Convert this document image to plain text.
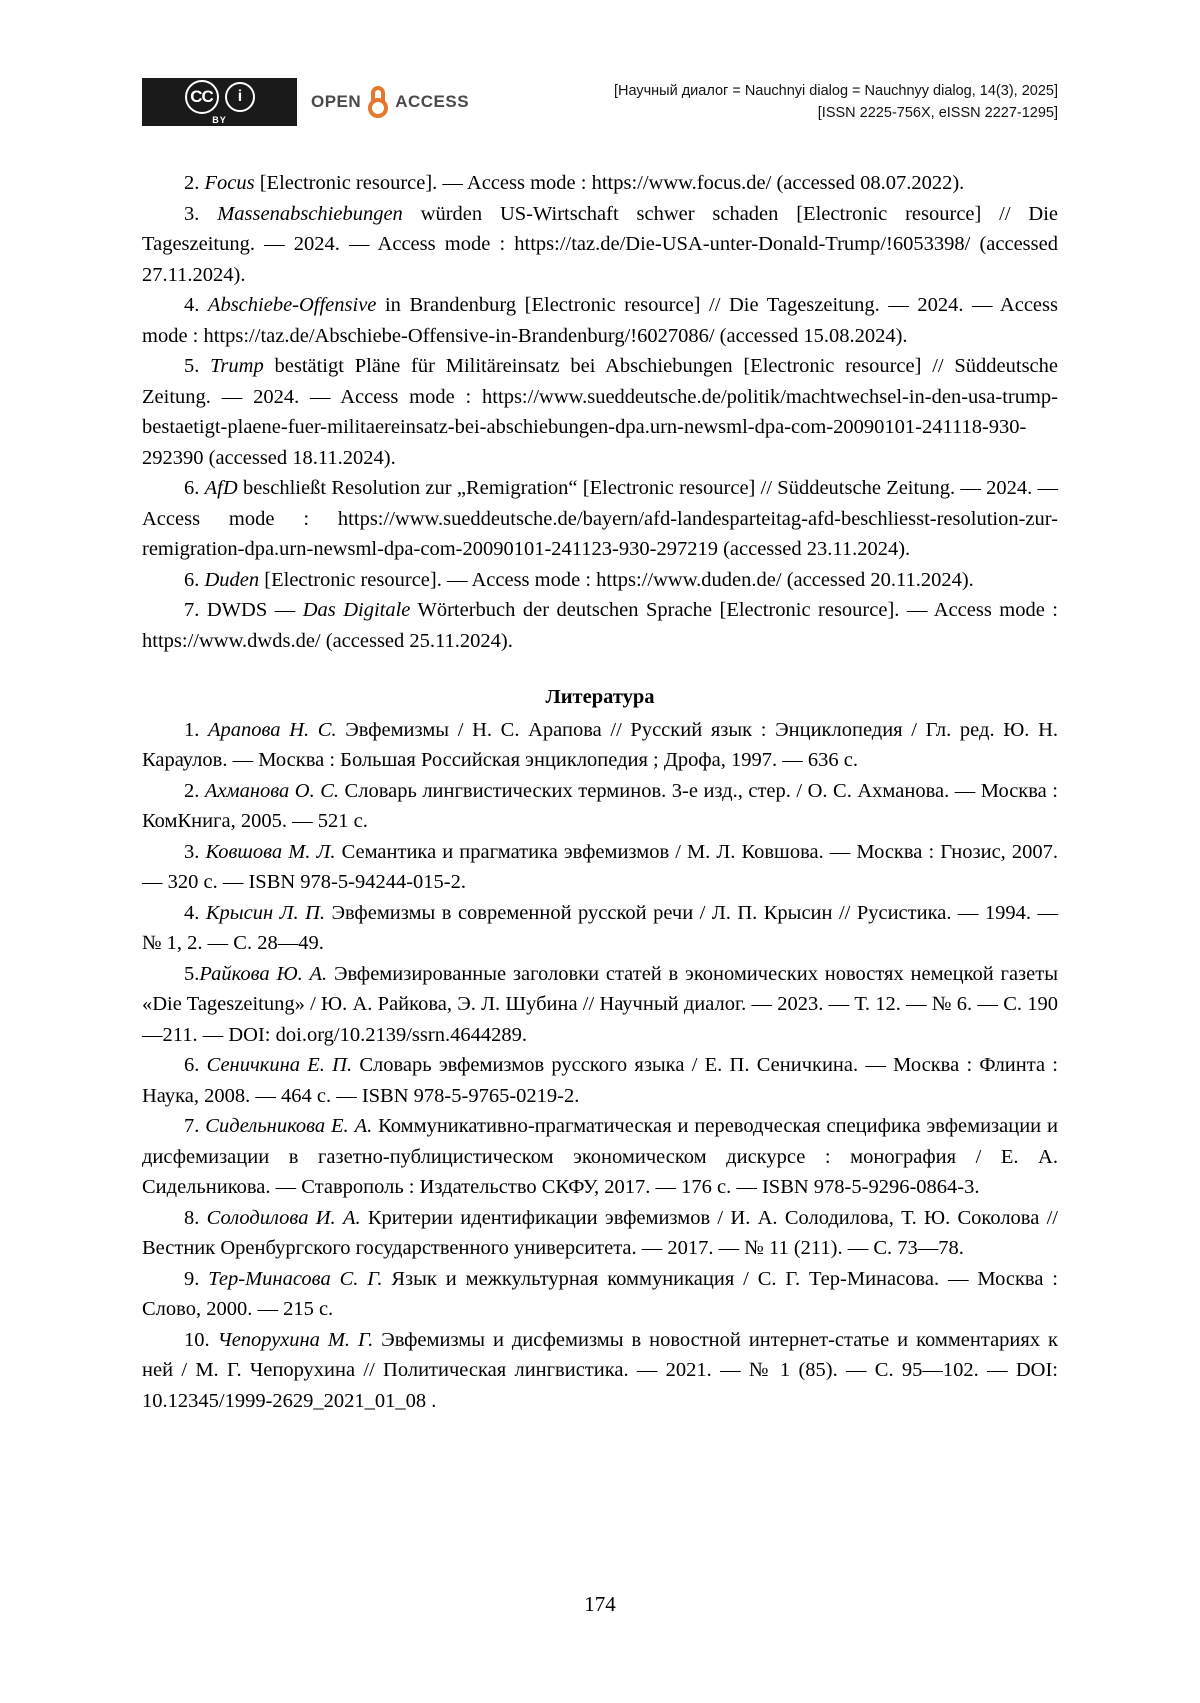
CC	i
BY
OPEN ACCESS
[Научный диалог = Nauchnyi dialog = Nauchnyy dialog, 14(3), 2025]
[ISSN 2225-756X, eISSN 2227-1295]

2. Focus [Electronic resource]. — Access mode : https://www.focus.de/ (accessed 08.07.2022).

3. Massenabschiebungen würden US-Wirtschaft schwer schaden [Electronic resource] // Die Tageszeitung. — 2024. — Access mode : https://taz.de/Die-USA-unter-Donald-Trump/!6053398/ (accessed 27.11.2024).

4. Abschiebe-Offensive in Brandenburg [Electronic resource] // Die Tageszeitung. — 2024. — Access mode : https://taz.de/Abschiebe-Offensive-in-Brandenburg/!6027086/ (accessed 15.08.2024).

5. Trump bestätigt Pläne für Militäreinsatz bei Abschiebungen [Electronic resource] // Süddeutsche Zeitung. — 2024. — Access mode : https://www.sueddeutsche.de/politik/machtwechsel-in-den-usa-trump-bestaetigt-plaene-fuer-militaereinsatz-bei-abschiebungen-dpa.urn-newsml-dpa-com-20090101-241118-930-292390 (accessed 18.11.2024).

6. AfD beschließt Resolution zur „Remigration“ [Electronic resource] // Süddeutsche Zeitung. — 2024. — Access mode : https://www.sueddeutsche.de/bayern/afd-landesparteitag-afd-beschliesst-resolution-zur-remigration-dpa.urn-newsml-dpa-com-20090101-241123-930-297219 (accessed 23.11.2024).

6. Duden [Electronic resource]. — Access mode : https://www.duden.de/ (accessed 20.11.2024).

7. DWDS — Das Digitale Wörterbuch der deutschen Sprache [Electronic resource]. — Access mode : https://www.dwds.de/ (accessed 25.11.2024).

Литература

1. Арапова Н. С. Эвфемизмы / Н. С. Арапова // Русский язык : Энциклопедия / Гл. ред. Ю. Н. Караулов. — Москва : Большая Российская энциклопедия ; Дрофа, 1997. — 636 с.

2. Ахманова О. С. Словарь лингвистических терминов. 3-е изд., стер. / О. С. Ахманова. — Москва : КомКнига, 2005. — 521 с.

3. Ковшова М. Л. Семантика и прагматика эвфемизмов / М. Л. Ковшова. — Москва : Гнозис, 2007. — 320 с. — ISBN 978-5-94244-015-2.

4. Крысин Л. П. Эвфемизмы в современной русской речи / Л. П. Крысин // Русистика. — 1994. — № 1, 2. — С. 28—49.

5.Райкова Ю. А. Эвфемизированные заголовки статей в экономических новостях немецкой газеты «Die Tageszeitung» / Ю. А. Райкова, Э. Л. Шубина // Научный диалог. — 2023. — Т. 12. — № 6. — С. 190—211. — DOI: doi.org/10.2139/ssrn.4644289.

6. Сеничкина Е. П. Словарь эвфемизмов русского языка / Е. П. Сеничкина. — Москва : Флинта : Наука, 2008. — 464 с. — ISBN 978-5-9765-0219-2.

7. Сидельникова Е. А. Коммуникативно-прагматическая и переводческая специфика эвфемизации и дисфемизации в газетно-публицистическом экономическом дискурсе : монография / Е. А. Сидельникова. — Ставрополь : Издательство СКФУ, 2017. — 176 с. — ISBN 978-5-9296-0864-3.

8. Солодилова И. А. Критерии идентификации эвфемизмов / И. А. Солодилова, Т. Ю. Соколова // Вестник Оренбургского государственного университета. — 2017. — № 11 (211). — С. 73—78.

9. Тер-Минасова С. Г. Язык и межкультурная коммуникация / С. Г. Тер-Минасова. — Москва : Слово, 2000. — 215 с.

10. Чепорухина М. Г. Эвфемизмы и дисфемизмы в новостной интернет-статье и комментариях к ней / М. Г. Чепорухина // Политическая лингвистика. — 2021. — № 1 (85). — С. 95—102. — DOI: 10.12345/1999-2629_2021_01_08 .

174
